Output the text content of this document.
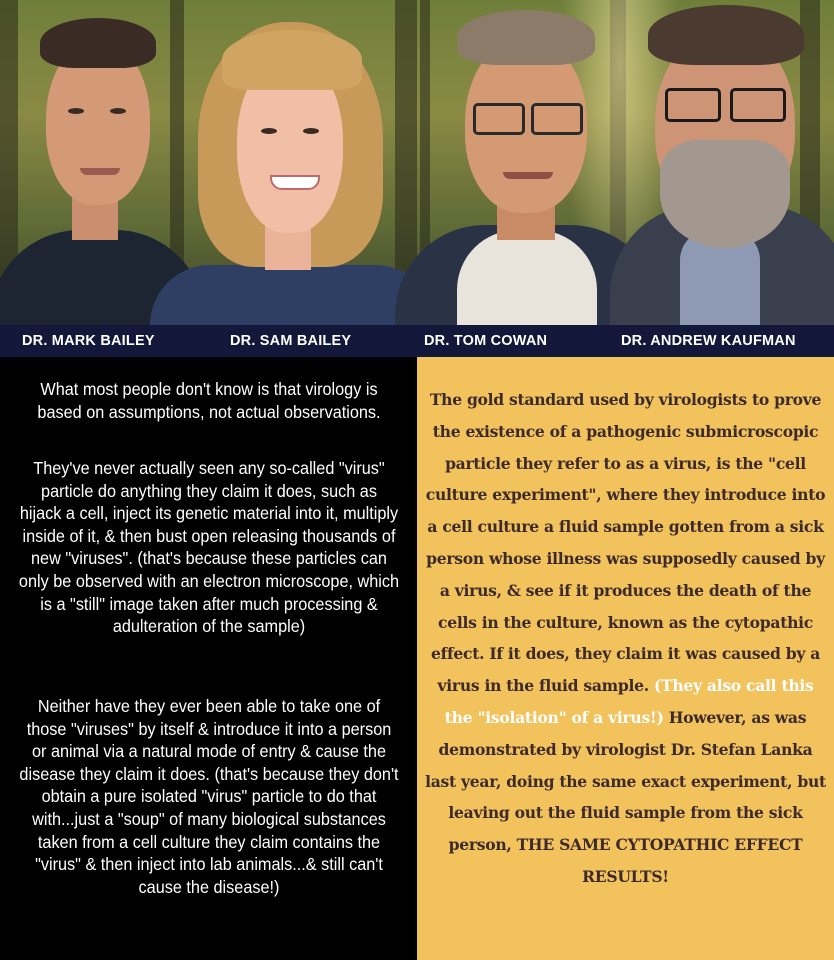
DR. MARK BAILEY	DR. SAM BAILEY	DR. TOM COWAN	DR. ANDREW KAUFMAN
What most people don't know is that virology is based on assumptions, not actual observations.
They've never actually seen any so-called "virus" particle do anything they claim it does, such as hijack a cell, inject its genetic material into it, multiply inside of it, & then bust open releasing thousands of new "viruses". (that's because these particles can only be observed with an electron microscope, which is a "still" image taken after much processing & adulteration of the sample)
Neither have they ever been able to take one of those "viruses" by itself & introduce it into a person or animal via a natural mode of entry & cause the disease they claim it does. (that's because they don't obtain a pure isolated "virus" particle to do that with...just a "soup" of many biological substances taken from a cell culture they claim contains the "virus" & then inject into lab animals...& still can't cause the disease!)
The gold standard used by virologists to prove the existence of a pathogenic submicroscopic particle they refer to as a virus, is the "cell culture experiment", where they introduce into a cell culture a fluid sample gotten from a sick person whose illness was supposedly caused by a virus, & see if it produces the death of the cells in the culture, known as the cytopathic effect. If it does, they claim it was caused by a virus in the fluid sample. (They also call this the "isolation" of a virus!) However, as was demonstrated by virologist Dr. Stefan Lanka last year, doing the same exact experiment, but leaving out the fluid sample from the sick person, THE SAME CYTOPATHIC EFFECT RESULTS!
